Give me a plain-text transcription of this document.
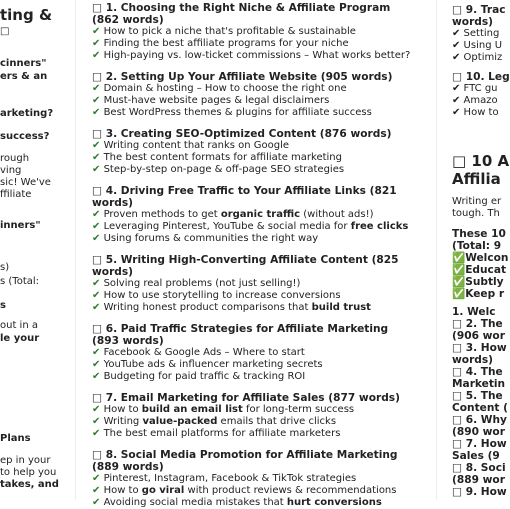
ting &

□

cinners"

ers & an

arketing?

success?

rough

ving

sic! We've

ffiliate

inners"

s)

s (Total:

s

out in a

le your

Plans

ep in your

to help you

takes, and

□ 1. Choosing the Right Niche & Affiliate Program (862 words)
✔ How to pick a niche that's profitable & sustainable
✔ Finding the best affiliate programs for your niche
✔ High-paying vs. low-ticket commissions – What works better?
□ 2. Setting Up Your Affiliate Website (905 words)
✔ Domain & hosting – How to choose the right one
✔ Must-have website pages & legal disclaimers
✔ Best WordPress themes & plugins for affiliate success
□ 3. Creating SEO-Optimized Content (876 words)
✔ Writing content that ranks on Google
✔ The best content formats for affiliate marketing
✔ Step-by-step on-page & off-page SEO strategies
□ 4. Driving Free Traffic to Your Affiliate Links (821 words)
✔ Proven methods to get organic traffic (without ads!)
✔ Leveraging Pinterest, YouTube & social media for free clicks
✔ Using forums & communities the right way
□ 5. Writing High-Converting Affiliate Content (825 words)
✔ Solving real problems (not just selling!)
✔ How to use storytelling to increase conversions
✔ Writing honest product comparisons that build trust
□ 6. Paid Traffic Strategies for Affiliate Marketing (893 words)
✔ Facebook & Google Ads – Where to start
✔ YouTube ads & influencer marketing secrets
✔ Budgeting for paid traffic & tracking ROI
□ 7. Email Marketing for Affiliate Sales (877 words)
✔ How to build an email list for long-term success
✔ Writing value-packed emails that drive clicks
✔ The best email platforms for affiliate marketers
□ 8. Social Media Promotion for Affiliate Marketing (889 words)
✔ Pinterest, Instagram, Facebook & TikTok strategies
✔ How to go viral with product reviews & recommendations
✔ Avoiding social media mistakes that hurt conversions

□ 9. Trac

words)

✔ Setting

✔ Using U

✔ Optimiz

□ 10. Leg

✔ FTC gu

✔ Amazo

✔ How to

□ 10 A

Affilia

Writing er

tough. Th

These 10

(Total: 9

✅Welcon

✅Educat

✅Subtly

✅Keep r

1. Welc

□ 2. The

(906 wor

□ 3. How

words)

□ 4. The

Marketin

□ 5. The

Content (

□ 6. Why

(890 wor

□ 7. How

Sales (9

□ 8. Soci

(889 wor

□ 9. How
